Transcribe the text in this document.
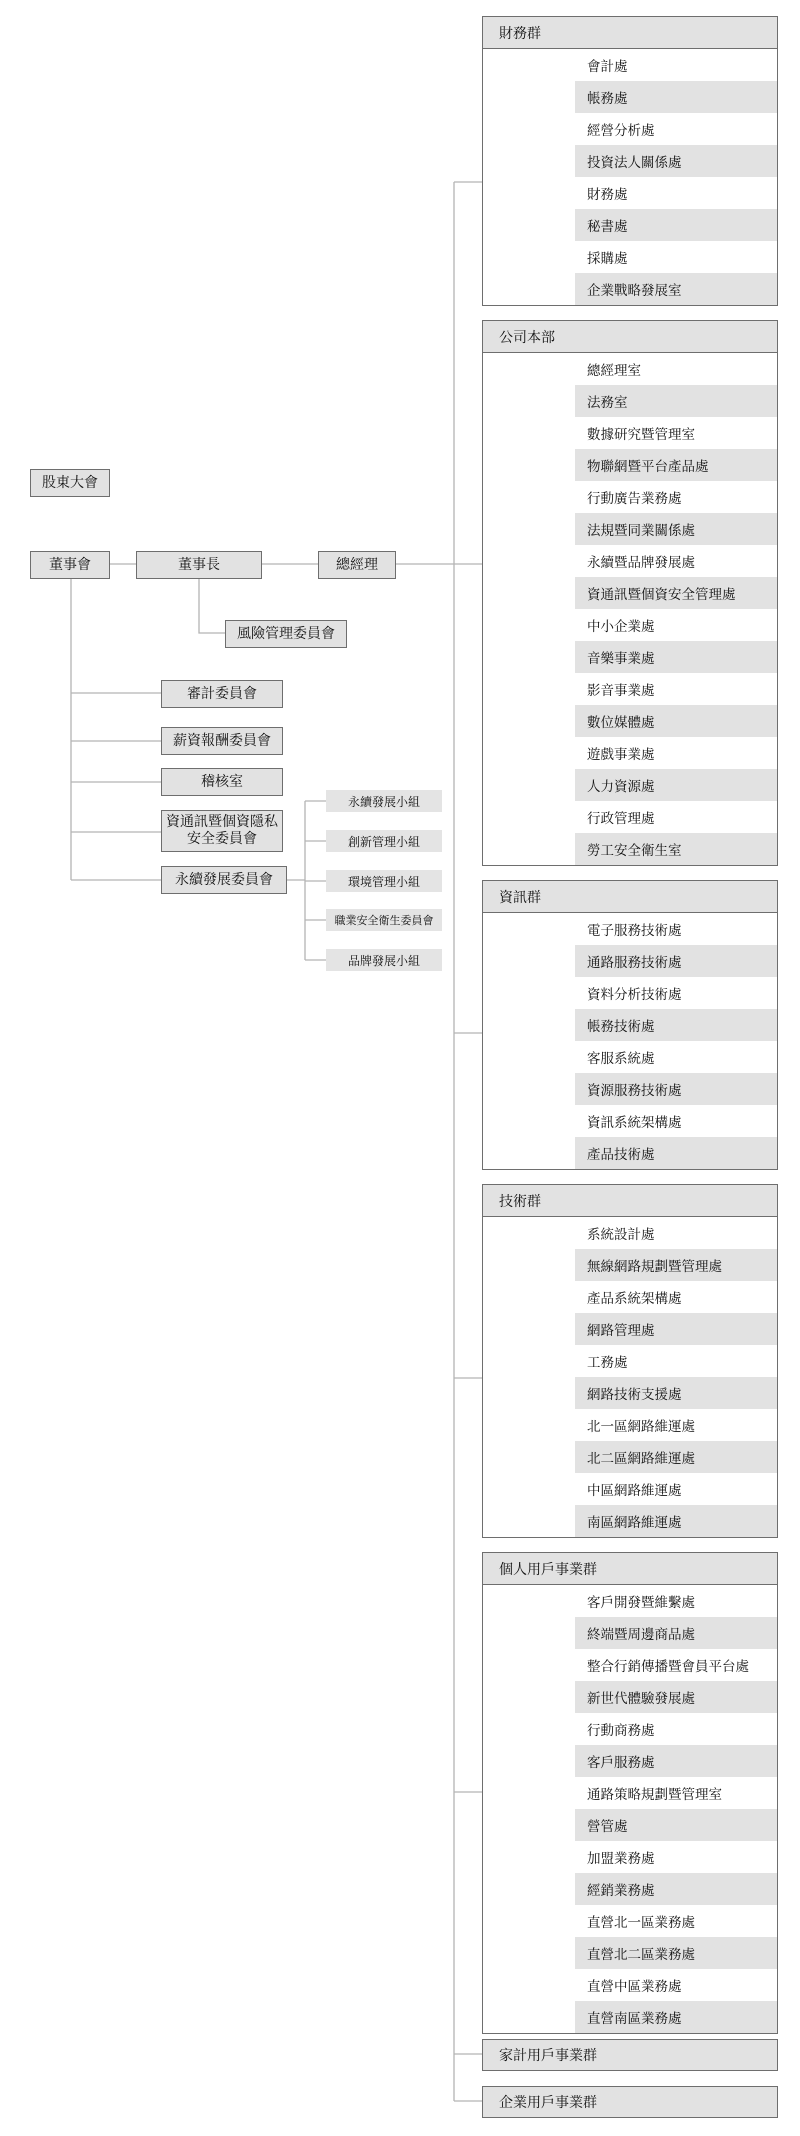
股東大會
董事會	董事長	總經理
風險管理委員會
審計委員會
薪資報酬委員會
稽核室
資通訊暨個資隱私
安全委員會
永續發展委員會
永續發展小組
創新管理小組
環境管理小組
職業安全衛生委員會
品牌發展小組
財務群
會計處
帳務處
經營分析處
投資法人關係處
財務處
秘書處
採購處
企業戰略發展室
公司本部
總經理室
法務室
數據研究暨管理室
物聯網暨平台產品處
行動廣告業務處
法規暨同業關係處
永續暨品牌發展處
資通訊暨個資安全管理處
中小企業處
音樂事業處
影音事業處
數位媒體處
遊戲事業處
人力資源處
行政管理處
勞工安全衛生室
資訊群
電子服務技術處
通路服務技術處
資料分析技術處
帳務技術處
客服系統處
資源服務技術處
資訊系統架構處
產品技術處
技術群
系統設計處
無線網路規劃暨管理處
產品系統架構處
網路管理處
工務處
網路技術支援處
北一區網路維運處
北二區網路維運處
中區網路維運處
南區網路維運處
個人用戶事業群
客戶開發暨維繫處
終端暨周邊商品處
整合行銷傳播暨會員平台處
新世代體驗發展處
行動商務處
客戶服務處
通路策略規劃暨管理室
營管處
加盟業務處
經銷業務處
直營北一區業務處
直營北二區業務處
直營中區業務處
直營南區業務處
家計用戶事業群
企業用戶事業群
